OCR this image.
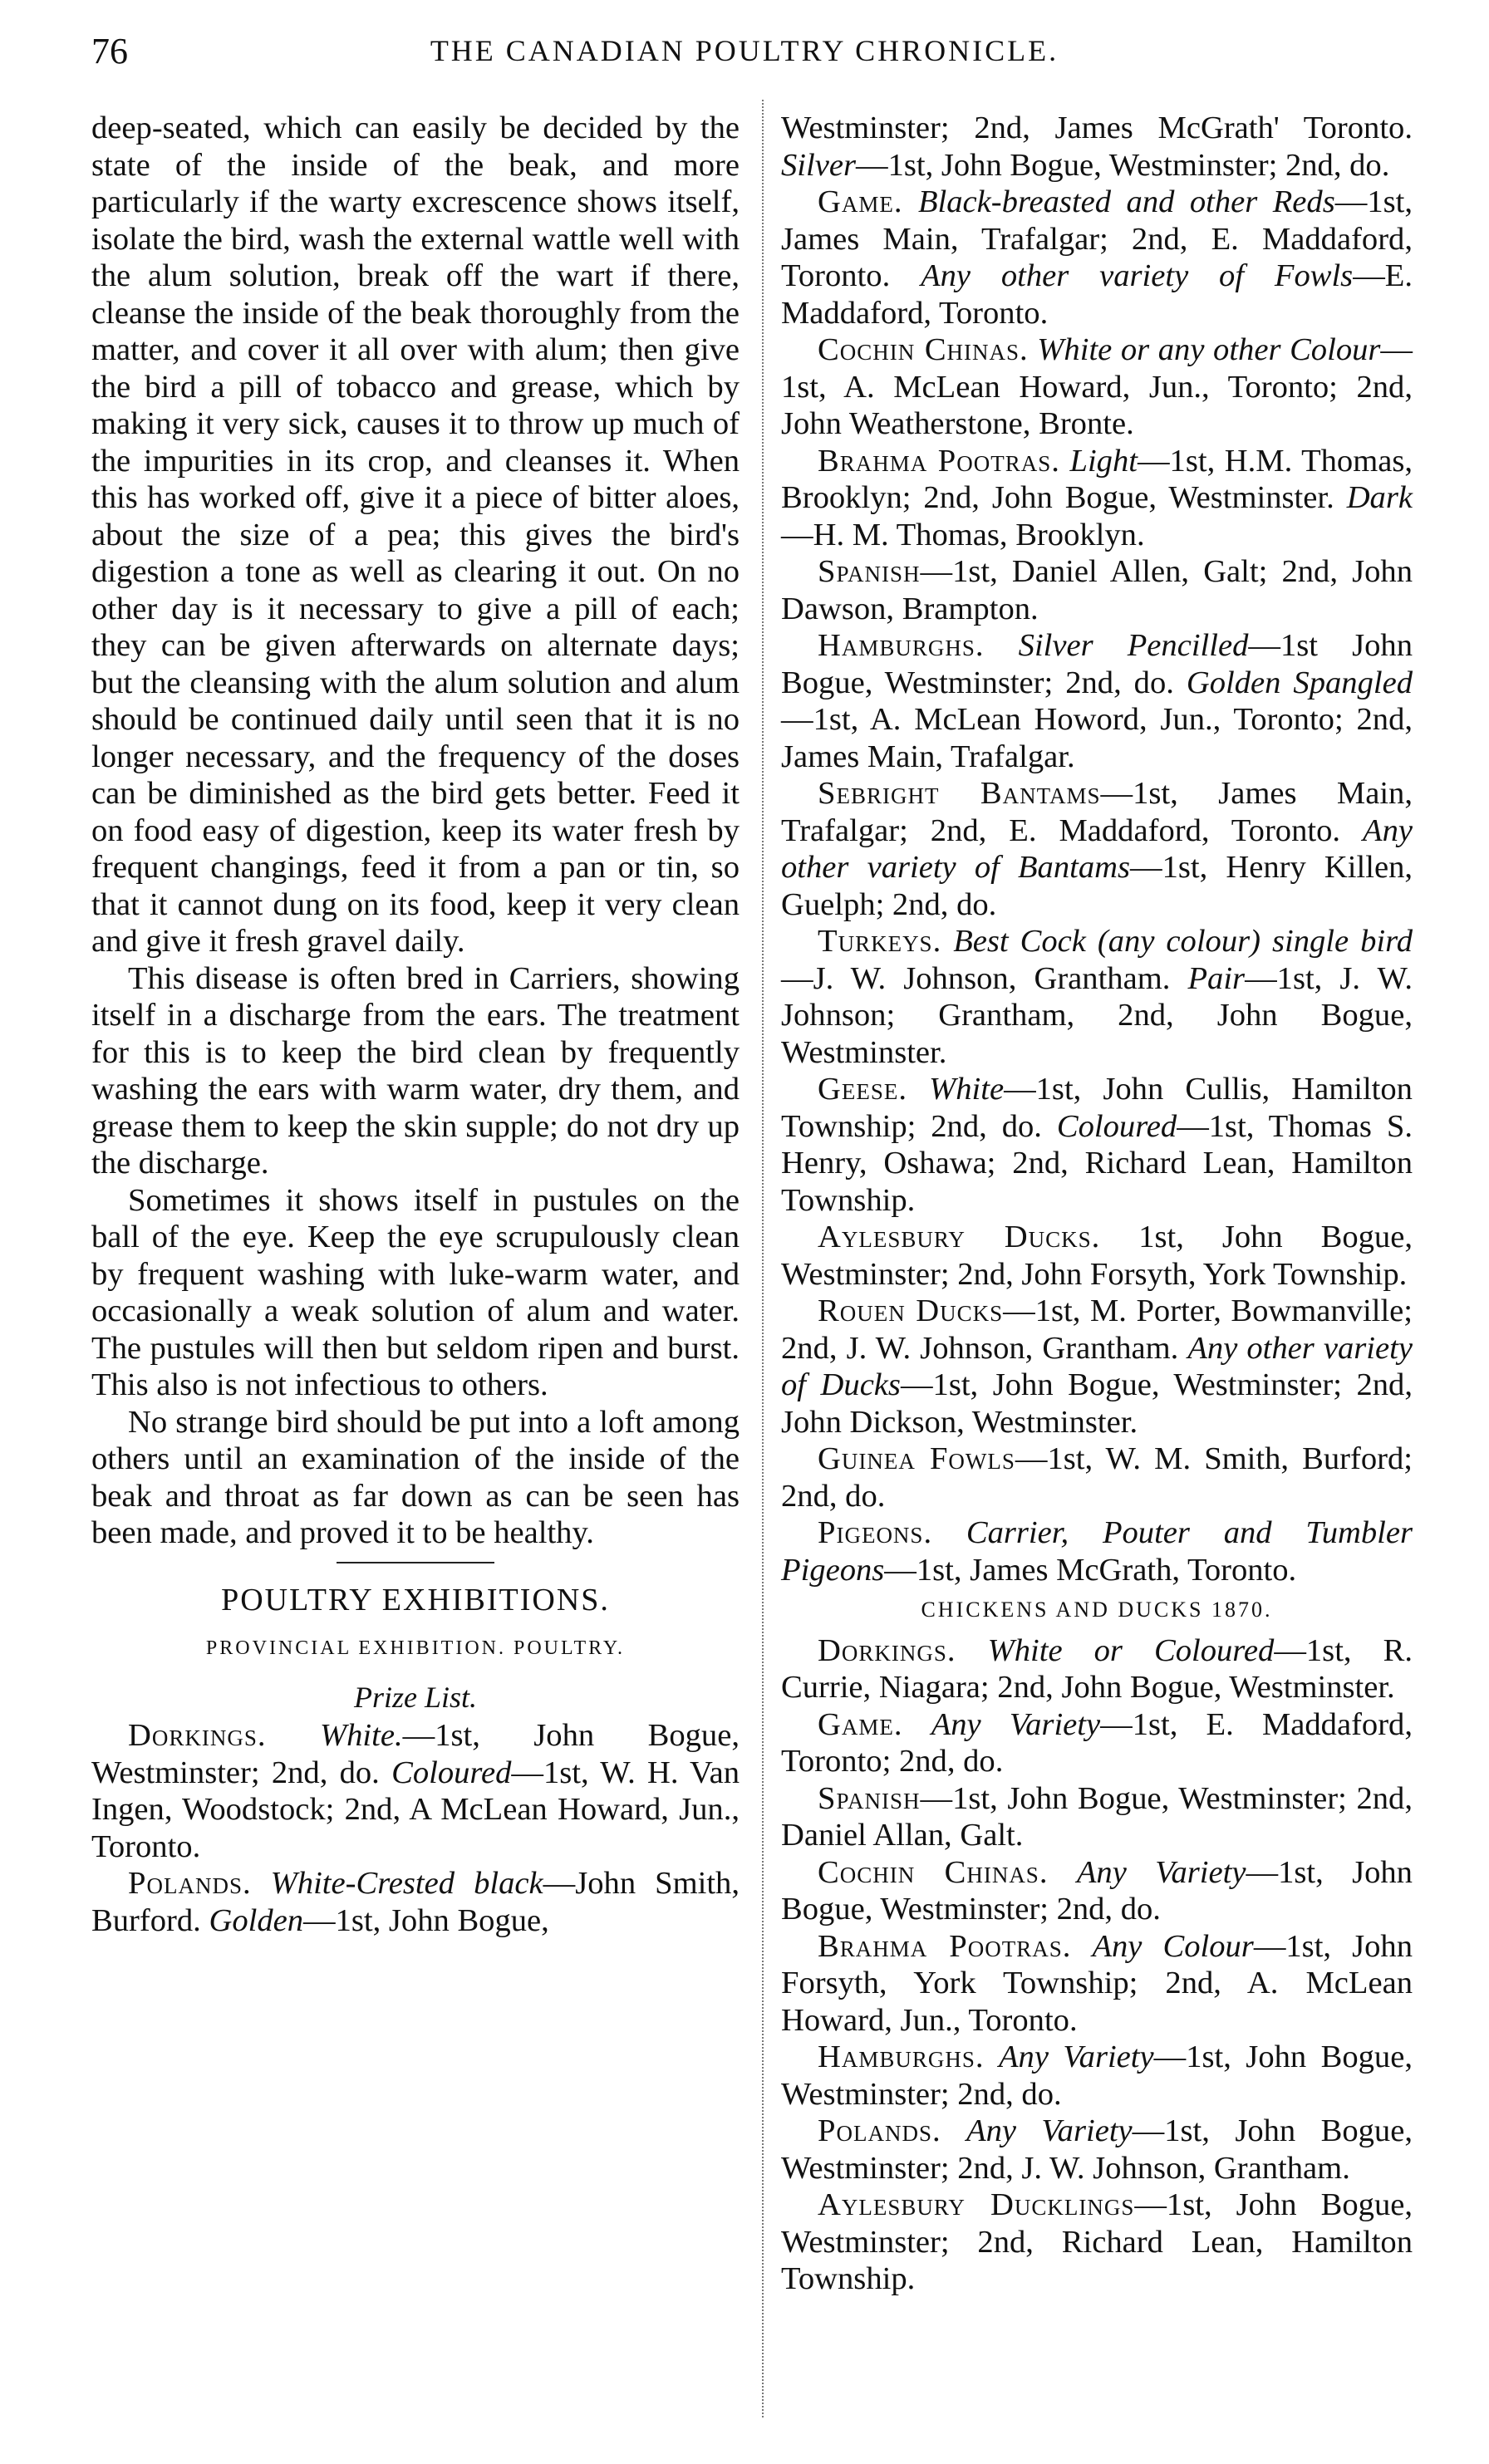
76	THE CANADIAN POULTRY CHRONICLE.

deep-seated, which can easily be decided by the state of the inside of the beak, and more particularly if the warty excrescence shows itself, isolate the bird, wash the external wattle well with the alum solution, break off the wart if there, cleanse the inside of the beak thoroughly from the matter, and cover it all over with alum; then give the bird a pill of tobacco and grease, which by making it very sick, causes it to throw up much of the impurities in its crop, and cleanses it. When this has worked off, give it a piece of bitter aloes, about the size of a pea; this gives the bird's digestion a tone as well as clearing it out. On no other day is it necessary to give a pill of each; they can be given afterwards on alternate days; but the cleansing with the alum solution and alum should be continued daily until seen that it is no longer necessary, and the frequency of the doses can be diminished as the bird gets better. Feed it on food easy of digestion, keep its water fresh by frequent changings, feed it from a pan or tin, so that it cannot dung on its food, keep it very clean and give it fresh gravel daily.

This disease is often bred in Carriers, showing itself in a discharge from the ears. The treatment for this is to keep the bird clean by frequently washing the ears with warm water, dry them, and grease them to keep the skin supple; do not dry up the discharge.

Sometimes it shows itself in pustules on the ball of the eye. Keep the eye scrupulously clean by frequent washing with luke-warm water, and occasionally a weak solution of alum and water. The pustules will then but seldom ripen and burst. This also is not infectious to others.

No strange bird should be put into a loft among others until an examination of the inside of the beak and throat as far down as can be seen has been made, and proved it to be healthy.

POULTRY EXHIBITIONS.
PROVINCIAL EXHIBITION. POULTRY.
Prize List.

Dorkings. White.—1st, John Bogue, Westminster; 2nd, do. Coloured—1st, W. H. Van Ingen, Woodstock; 2nd, A McLean Howard, Jun., Toronto.

Polands. White-Crested black—John Smith, Burford. Golden—1st, John Bogue,

Westminster; 2nd, James McGrath' Toronto. Silver—1st, John Bogue, Westminster; 2nd, do.

Game. Black-breasted and other Reds—1st, James Main, Trafalgar; 2nd, E. Maddaford, Toronto. Any other variety of Fowls—E. Maddaford, Toronto.

Cochin Chinas. White or any other Colour—1st, A. McLean Howard, Jun., Toronto; 2nd, John Weatherstone, Bronte.

Brahma Pootras. Light—1st, H.M. Thomas, Brooklyn; 2nd, John Bogue, Westminster. Dark—H. M. Thomas, Brooklyn.

Spanish—1st, Daniel Allen, Galt; 2nd, John Dawson, Brampton.

Hamburghs. Silver Pencilled—1st John Bogue, Westminster; 2nd, do. Golden Spangled—1st, A. McLean Howord, Jun., Toronto; 2nd, James Main, Trafalgar.

Sebright Bantams—1st, James Main, Trafalgar; 2nd, E. Maddaford, Toronto. Any other variety of Bantams—1st, Henry Killen, Guelph; 2nd, do.

Turkeys. Best Cock (any colour) single bird—J. W. Johnson, Grantham. Pair—1st, J. W. Johnson; Grantham, 2nd, John Bogue, Westminster.

Geese. White—1st, John Cullis, Hamilton Township; 2nd, do. Coloured—1st, Thomas S. Henry, Oshawa; 2nd, Richard Lean, Hamilton Township.

Aylesbury Ducks. 1st, John Bogue, Westminster; 2nd, John Forsyth, York Township.

Rouen Ducks—1st, M. Porter, Bowmanville; 2nd, J. W. Johnson, Grantham. Any other variety of Ducks—1st, John Bogue, Westminster; 2nd, John Dickson, Westminster.

Guinea Fowls—1st, W. M. Smith, Burford; 2nd, do.

Pigeons. Carrier, Pouter and Tumbler Pigeons—1st, James McGrath, Toronto.

CHICKENS AND DUCKS 1870.

Dorkings. White or Coloured—1st, R. Currie, Niagara; 2nd, John Bogue, Westminster.

Game. Any Variety—1st, E. Maddaford, Toronto; 2nd, do.

Spanish—1st, John Bogue, Westminster; 2nd, Daniel Allan, Galt.

Cochin Chinas. Any Variety—1st, John Bogue, Westminster; 2nd, do.

Brahma Pootras. Any Colour—1st, John Forsyth, York Township; 2nd, A. McLean Howard, Jun., Toronto.

Hamburghs. Any Variety—1st, John Bogue, Westminster; 2nd, do.

Polands. Any Variety—1st, John Bogue, Westminster; 2nd, J. W. Johnson, Grantham.

Aylesbury Ducklings—1st, John Bogue, Westminster; 2nd, Richard Lean, Hamilton Township.
